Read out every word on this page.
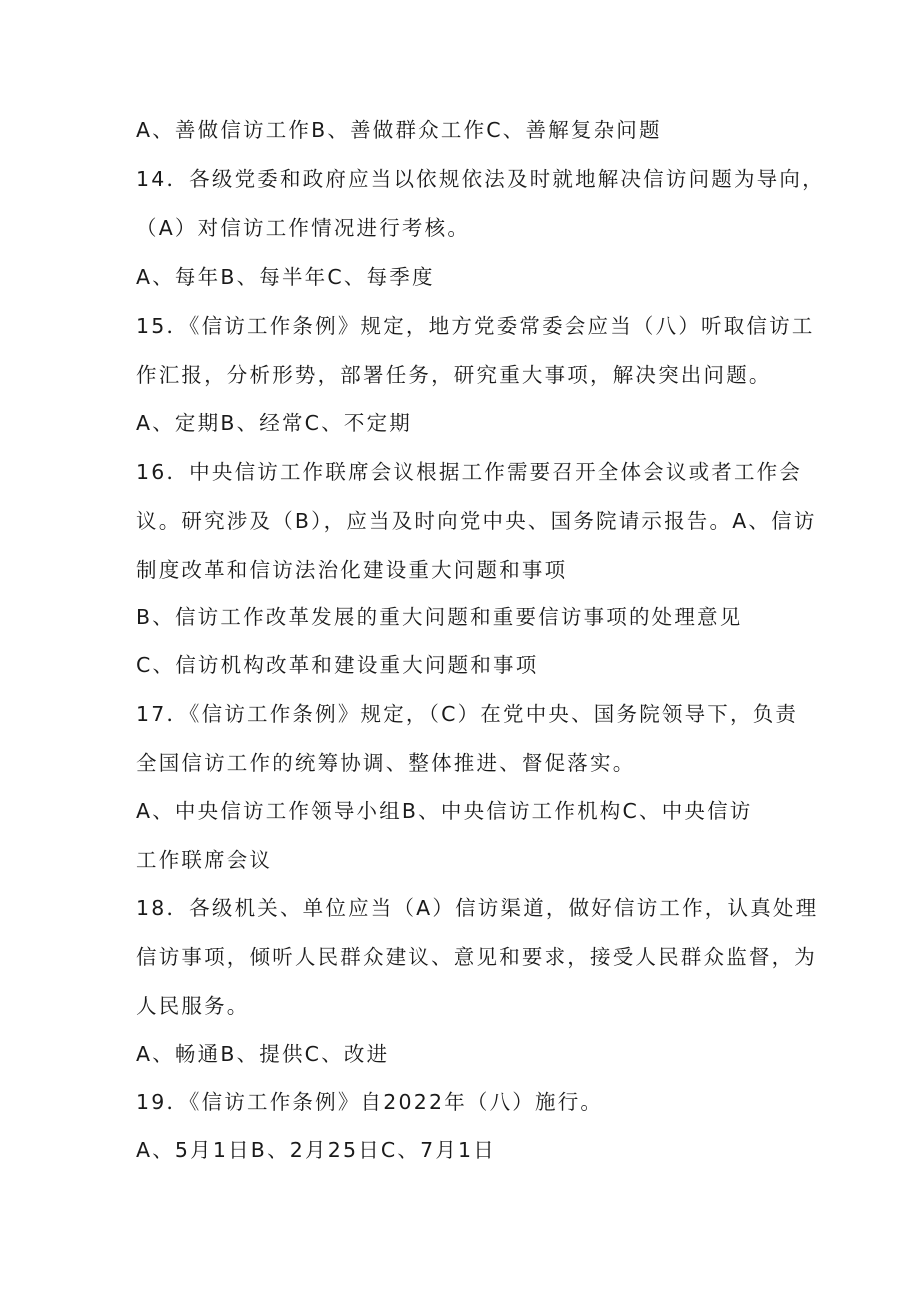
A、善做信访工作B、善做群众工作C、善解复杂问题
14．各级党委和政府应当以依规依法及时就地解决信访问题为导向，
（A）对信访工作情况进行考核。
A、每年B、每半年C、每季度
15．《信访工作条例》规定，地方党委常委会应当（八）听取信访工
作汇报，分析形势，部署任务，研究重大事项，解决突出问题。
A、定期B、经常C、不定期
16．中央信访工作联席会议根据工作需要召开全体会议或者工作会
议。研究涉及（B），应当及时向党中央、国务院请示报告。A、信访
制度改革和信访法治化建设重大问题和事项
B、信访工作改革发展的重大问题和重要信访事项的处理意见
C、信访机构改革和建设重大问题和事项
17．《信访工作条例》规定，（C）在党中央、国务院领导下，负责
全国信访工作的统筹协调、整体推进、督促落实。
A、中央信访工作领导小组B、中央信访工作机构C、中央信访
工作联席会议
18．各级机关、单位应当（A）信访渠道，做好信访工作，认真处理
信访事项，倾听人民群众建议、意见和要求，接受人民群众监督，为
人民服务。
A、畅通B、提供C、改进
19．《信访工作条例》自2022年（八）施行。
A、5月1日B、2月25日C、7月1日
